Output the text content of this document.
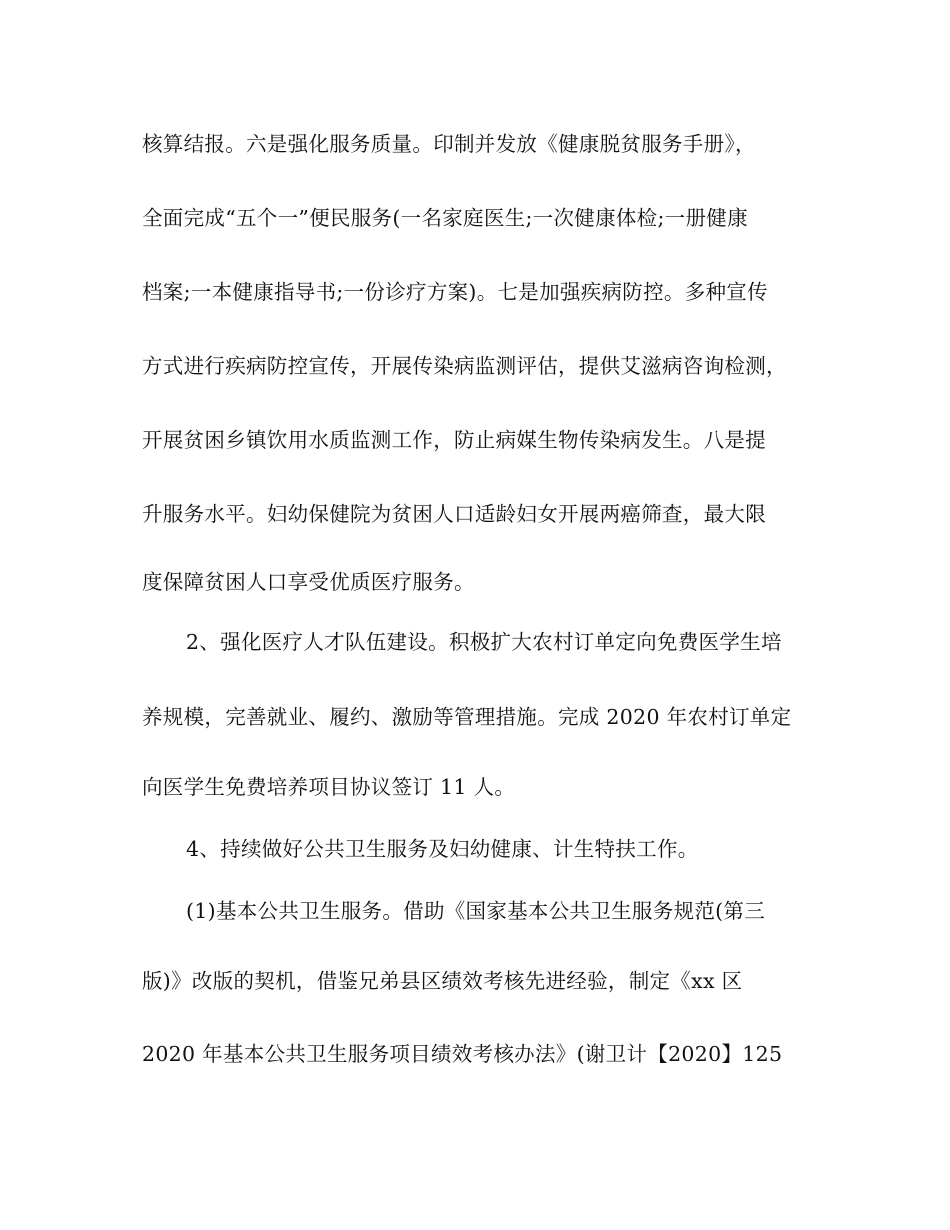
核算结报。六是强化服务质量。印制并发放《健康脱贫服务手册》，
全面完成“五个一”便民服务(一名家庭医生;一次健康体检;一册健康
档案;一本健康指导书;一份诊疗方案)。七是加强疾病防控。多种宣传
方式进行疾病防控宣传，开展传染病监测评估，提供艾滋病咨询检测，
开展贫困乡镇饮用水质监测工作，防止病媒生物传染病发生。八是提
升服务水平。妇幼保健院为贫困人口适龄妇女开展两癌筛查，最大限
度保障贫困人口享受优质医疗服务。
2、强化医疗人才队伍建设。积极扩大农村订单定向免费医学生培
养规模，完善就业、履约、激励等管理措施。完成 2020 年农村订单定
向医学生免费培养项目协议签订 11 人。
4、持续做好公共卫生服务及妇幼健康、计生特扶工作。
(1)基本公共卫生服务。借助《国家基本公共卫生服务规范(第三
版)》改版的契机，借鉴兄弟县区绩效考核先进经验，制定《xx 区
2020 年基本公共卫生服务项目绩效考核办法》(谢卫计【2020】125
